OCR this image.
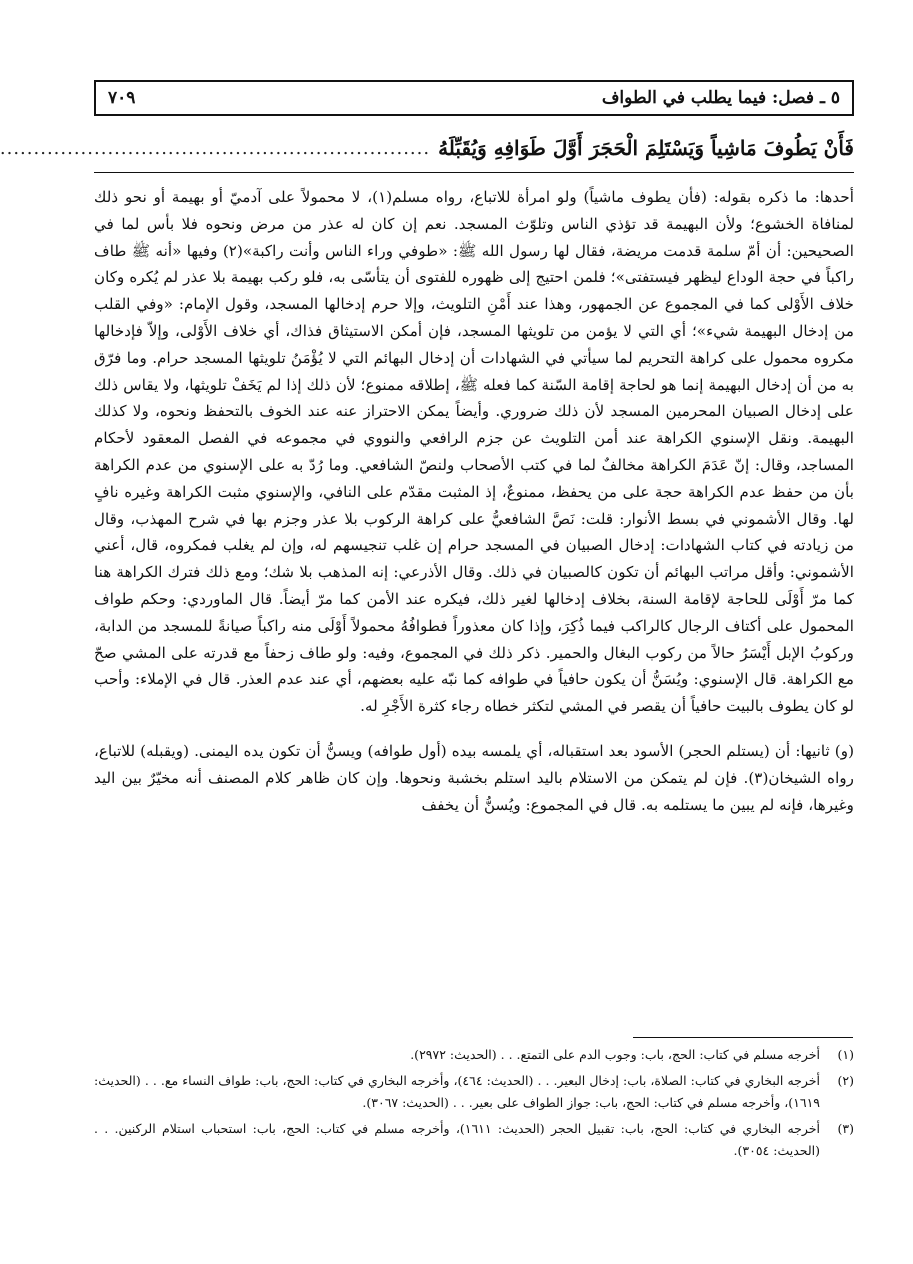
٥ ـ فصل: فيما يطلب في الطواف
٧٠٩
فَأَنْ يَطُوفَ مَاشِياً وَيَسْتَلِمَ الْحَجَرَ أَوَّلَ طَوَافِهِ وَيُقَبِّلَهُ
................................................................

أحدها: ما ذكره بقوله: (فأن يطوف ماشياً) ولو امرأة للاتباع، رواه مسلم(١)، لا محمولاً على آدميّ أو بهيمة أو نحو ذلك لمنافاة الخشوع؛ ولأن البهيمة قد تؤذي الناس وتلوّث المسجد. نعم إن كان له عذر من مرض ونحوه فلا بأس لما في الصحيحين: أن أمّ سلمة قدمت مريضة، فقال لها رسول الله ﷺ: «طوفي وراء الناس وأنت راكبة»(٢) وفيها «أنه ﷺ طاف راكباً في حجة الوداع ليظهر فيستفتى»؛ فلمن احتيج إلى ظهوره للفتوى أن يتأسّى به، فلو ركب بهيمة بلا عذر لم يُكره وكان خلاف الأَوْلى كما في المجموع عن الجمهور، وهذا عند أَمْنِ التلويث، وإلا حرم إدخالها المسجد، وقول الإمام: «وفي القلب من إدخال البهيمة شيء»؛ أي التي لا يؤمن من تلويثها المسجد، فإن أمكن الاستيثاق فذاك، أي خلاف الأَوْلى، وإلاّ فإدخالها مكروه محمول على كراهة التحريم لما سيأتي في الشهادات أن إدخال البهائم التي لا يُؤْمَنُ تلويثها المسجد حرام. وما فرّق به من أن إدخال البهيمة إنما هو لحاجة إقامة السّنة كما فعله ﷺ، إطلاقه ممنوع؛ لأن ذلك إذا لم يَخَفْ تلويثها، ولا يقاس ذلك على إدخال الصبيان المحرمين المسجد لأن ذلك ضروري. وأيضاً يمكن الاحتراز عنه عند الخوف بالتحفظ ونحوه، ولا كذلك البهيمة. ونقل الإسنوي الكراهة عند أمن التلويث عن جزم الرافعي والنووي في مجموعه في الفصل المعقود لأحكام المساجد، وقال: إنّ عَدَمَ الكراهة مخالفٌ لما في كتب الأصحاب ولنصّ الشافعي. وما رُدّ به على الإسنوي من عدم الكراهة بأن من حفظ عدم الكراهة حجة على من يحفظ، ممنوعٌ، إذ المثبت مقدّم على النافي، والإسنوي مثبت الكراهة وغيره نافٍ لها. وقال الأشموني في بسط الأنوار: قلت: نَصَّ الشافعيُّ على كراهة الركوب بلا عذر وجزم بها في شرح المهذب، وقال من زيادته في كتاب الشهادات: إدخال الصبيان في المسجد حرام إن غلب تنجيسهم له، وإن لم يغلب فمكروه، قال، أعني الأشموني: وأقل مراتب البهائم أن تكون كالصبيان في ذلك. وقال الأذرعي: إنه المذهب بلا شك؛ ومع ذلك فترك الكراهة هنا كما مرّ أَوْلَى للحاجة لإقامة السنة، بخلاف إدخالها لغير ذلك، فيكره عند الأمن كما مرّ أيضاً. قال الماوردي: وحكم طواف المحمول على أكتاف الرجال كالراكب فيما ذُكِرَ، وإذا كان معذوراً فطوافُهُ محمولاً أَوْلَى منه راكباً صيانةً للمسجد من الدابة، وركوبُ الإبل أَيْسَرُ حالاً من ركوب البغال والحمير. ذكر ذلك في المجموع، وفيه: ولو طاف زحفاً مع قدرته على المشي صحّ مع الكراهة. قال الإسنوي: ويُسَنُّ أن يكون حافياً في طوافه كما نبّه عليه بعضهم، أي عند عدم العذر. قال في الإملاء: وأحب لو كان يطوف بالبيت حافياً أن يقصر في المشي لتكثر خطاه رجاء كثرة الأَجْرِ له.

(و) ثانيها: أن (يستلم الحجر) الأسود بعد استقباله، أي يلمسه بيده (أول طوافه) ويسنُّ أن تكون يده اليمنى. (ويقبله) للاتباع، رواه الشيخان(٣). فإن لم يتمكن من الاستلام باليد استلم بخشبة ونحوها. وإن كان ظاهر كلام المصنف أنه مخيّرٌ بين اليد وغيرها، فإنه لم يبين ما يستلمه به. قال في المجموع: ويُسنُّ أن يخفف

(١)
أخرجه مسلم في كتاب: الحج، باب: وجوب الدم على التمتع. . . (الحديث: ٢٩٧٢).
(٢)
أخرجه البخاري في كتاب: الصلاة، باب: إدخال البعير. . . (الحديث: ٤٦٤)، وأخرجه البخاري في كتاب: الحج، باب: طواف النساء مع. . . (الحديث: ١٦١٩)، وأخرجه مسلم في كتاب: الحج، باب: جواز الطواف على بعير. . . (الحديث: ٣٠٦٧).
(٣)
أخرجه البخاري في كتاب: الحج، باب: تقبيل الحجر (الحديث: ١٦١١)، وأخرجه مسلم في كتاب: الحج، باب: استحباب استلام الركنين. . . (الحديث: ٣٠٥٤).
